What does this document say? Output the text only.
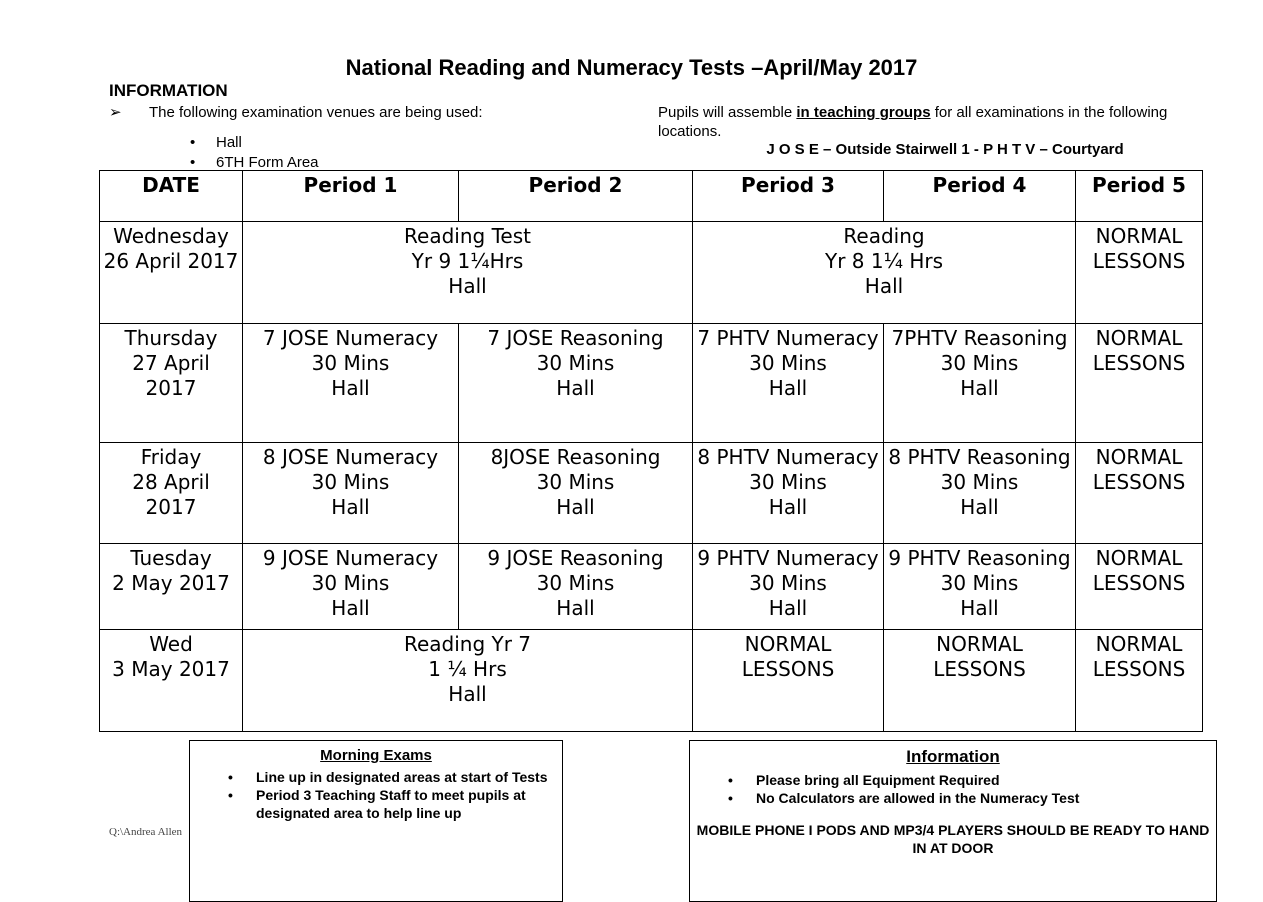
National Reading and Numeracy Tests –April/May 2017
INFORMATION
➢ The following examination venues are being used:
• Hall
• 6TH Form Area
Pupils will assemble in teaching groups for all examinations in the following locations.
J O S E – Outside Stairwell 1 - P H T V – Courtyard
DATE	Period 1	Period 2	Period 3	Period 4	Period 5

Wednesday
26 April 2017	Reading Test
Yr 9 1¼Hrs
Hall		Reading
Yr 8 1¼ Hrs
Hall		NORMAL
LESSONS

Thursday
27 April
2017	7 JOSE Numeracy
30 Mins
Hall	7 JOSE Reasoning
30 Mins
Hall	7 PHTV Numeracy
30 Mins
Hall	7PHTV Reasoning
30 Mins
Hall	NORMAL
LESSONS

Friday
28 April
2017	8 JOSE Numeracy
30 Mins
Hall	8JOSE Reasoning
30 Mins
Hall	8 PHTV Numeracy
30 Mins
Hall	8 PHTV Reasoning
30 Mins
Hall	NORMAL
LESSONS

Tuesday
2 May 2017	9 JOSE Numeracy
30 Mins
Hall	9 JOSE Reasoning
30 Mins
Hall	9 PHTV Numeracy
30 Mins
Hall	9 PHTV Reasoning
30 Mins
Hall	NORMAL
LESSONS

Wed
3 May 2017	Reading Yr 7
1 ¼ Hrs
Hall		NORMAL
LESSONS	NORMAL
LESSONS	NORMAL
LESSONS
Morning Exams
• Line up in designated areas at start of Tests
• Period 3 Teaching Staff to meet pupils at designated area to help line up
Information
• Please bring all Equipment Required
• No Calculators are allowed in the Numeracy Test
MOBILE PHONE I PODS AND MP3/4 PLAYERS SHOULD BE READY TO HAND IN AT DOOR
Q:\Andrea Allen
